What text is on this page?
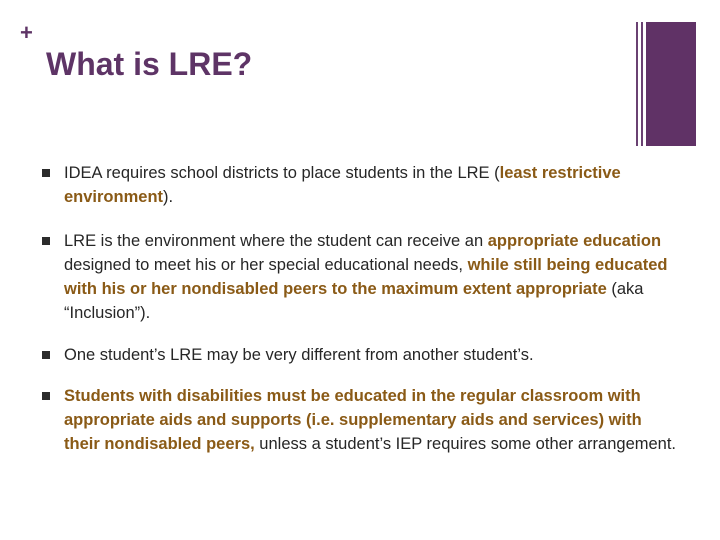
+
What is LRE?
IDEA requires school districts to place students in the LRE (least restrictive environment).
LRE is the environment where the student can receive an appropriate education designed to meet his or her special educational needs, while still being educated with his or her nondisabled peers to the maximum extent appropriate (aka “Inclusion”).
One student’s LRE may be very different from another student’s.
Students with disabilities must be educated in the regular classroom with appropriate aids and supports (i.e. supplementary aids and services) with their nondisabled peers, unless a student’s IEP requires some other arrangement.
